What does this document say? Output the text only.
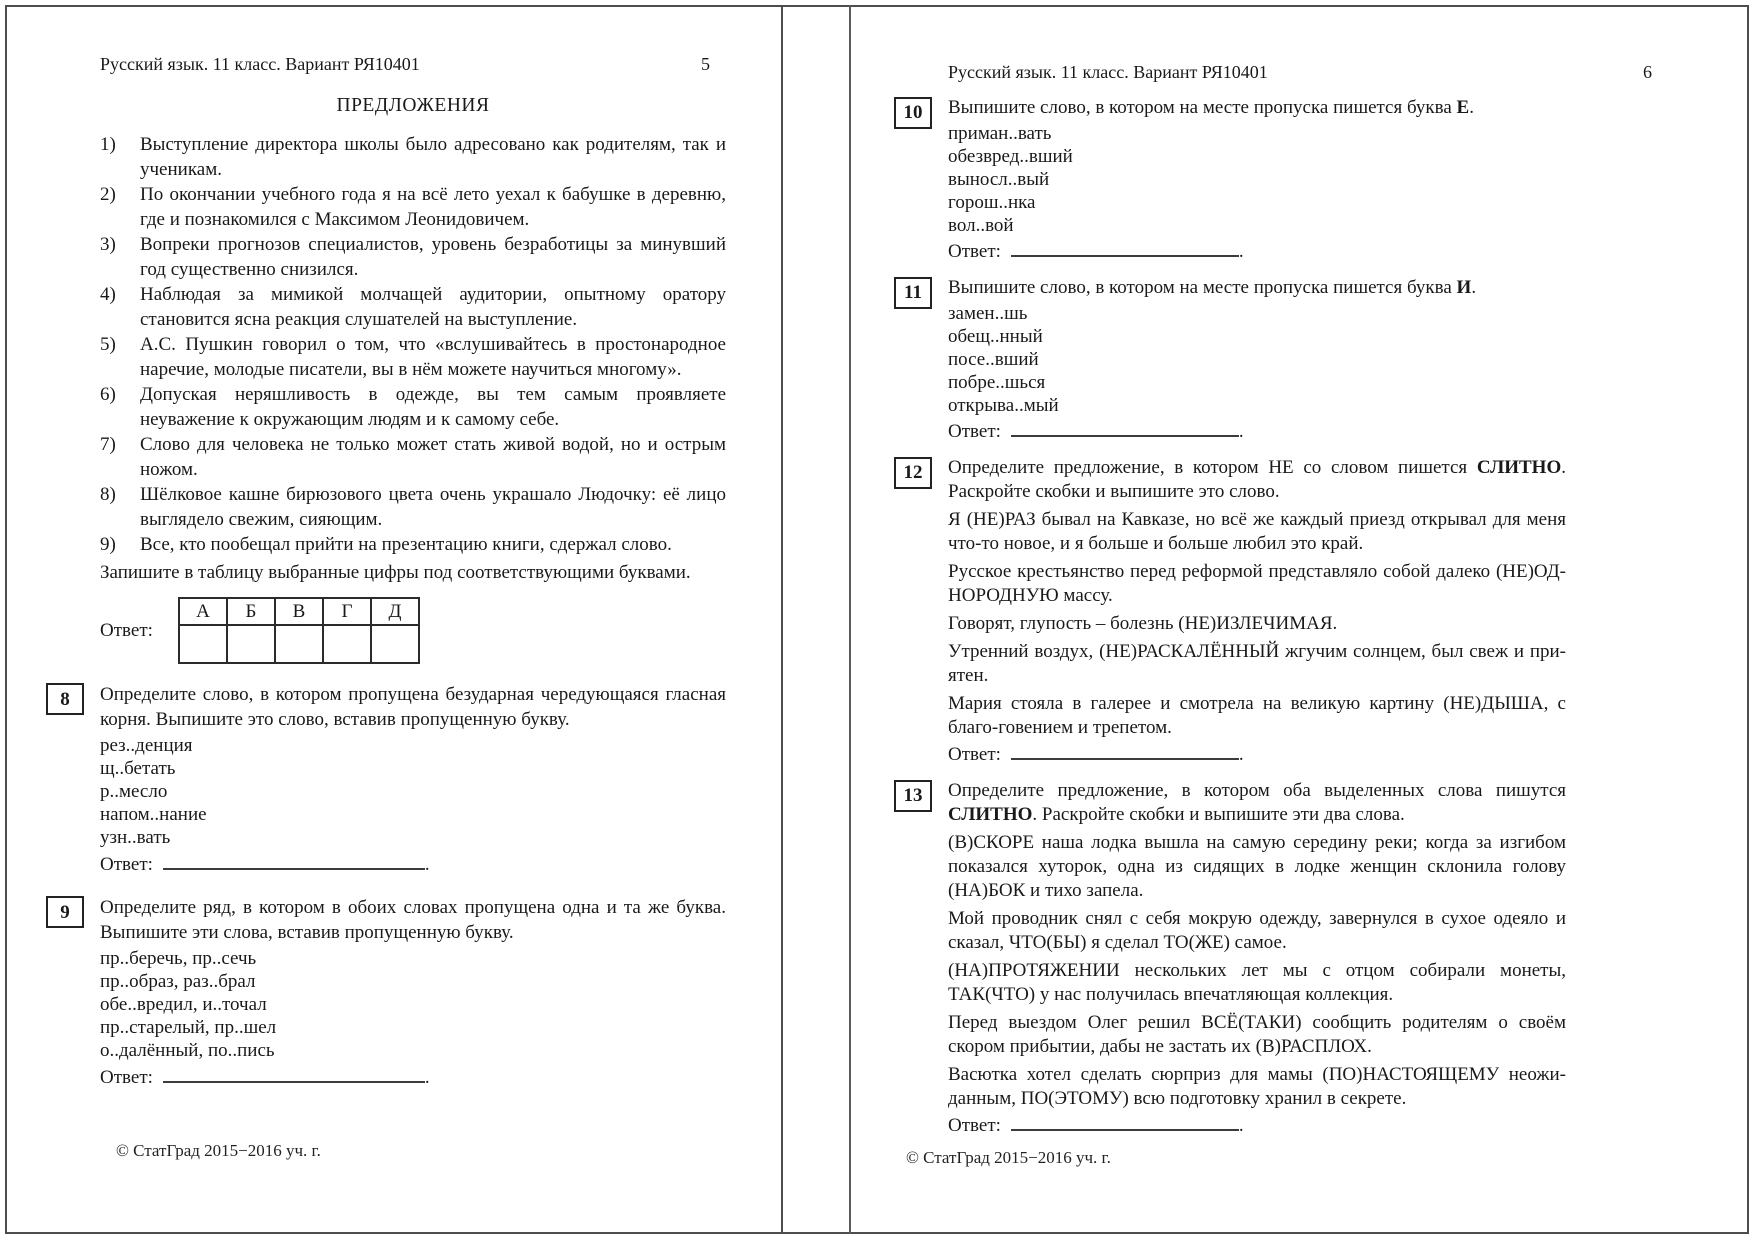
Русский язык. 11 класс. Вариант РЯ10401	5
ПРЕДЛОЖЕНИЯ
1)	Выступление директора школы было адресовано как родителям, так и ученикам.
2)	По окончании учебного года я на всё лето уехал к бабушке в деревню, где и познакомился с Максимом Леонидовичем.
3)	Вопреки прогнозов специалистов, уровень безработицы за минувший год существенно снизился.
4)	Наблюдая за мимикой молчащей аудитории, опытному оратору становится ясна реакция слушателей на выступление.
5)	А.С. Пушкин говорил о том, что «вслушивайтесь в простонародное наречие, молодые писатели, вы в нём можете научиться многому».
6)	Допуская неряшливость в одежде, вы тем самым проявляете неуважение к окружающим людям и к самому себе.
7)	Слово для человека не только может стать живой водой, но и острым ножом.
8)	Шёлковое кашне бирюзового цвета очень украшало Людочку: её лицо выглядело свежим, сияющим.
9)	Все, кто пообещал прийти на презентацию книги, сдержал слово.

Запишите в таблицу выбранные цифры под соответствующими буквами.

Ответ:
А	Б	В	Г	Д

8	Определите слово, в котором пропущена безударная чередующаяся гласная корня. Выпишите это слово, вставив пропущенную букву.
рез..денция
щ..бетать
р..месло
напом..нание
узн..вать
Ответ:	.
9	Определите ряд, в котором в обоих словах пропущена одна и та же буква. Выпишите эти слова, вставив пропущенную букву.
пр..беречь, пр..сечь
пр..образ, раз..брал
обе..вредил, и..точал
пр..старелый, пр..шел
о..далённый, по..пись
Ответ:	.
© СтатГрад 2015−2016 уч. г.
Русский язык. 11 класс. Вариант РЯ10401	6
10	Выпишите слово, в котором на месте пропуска пишется буква Е.
приман..вать
обезвред..вший
выносл..вый
горош..нка
вол..вой
Ответ:	.
11	Выпишите слово, в котором на месте пропуска пишется буква И.
замен..шь
обещ..нный
посе..вший
побре..шься
открыва..мый
Ответ:	.
12	Определите предложение, в котором НЕ со словом пишется СЛИТНО. Раскройте скобки и выпишите это слово.

Я (НЕ)РАЗ бывал на Кавказе, но всё же каждый приезд открывал для меня что-то новое, и я больше и больше любил это край.

Русское крестьянство перед реформой представляло собой далеко (НЕ)ОД-НОРОДНУЮ массу.

Говорят, глупость – болезнь (НЕ)ИЗЛЕЧИМАЯ.

Утренний воздух, (НЕ)РАСКАЛЁННЫЙ жгучим солнцем, был свеж и при-ятен.

Мария стояла в галерее и смотрела на великую картину (НЕ)ДЫША, с благо-говением и трепетом.

Ответ:	.
13	Определите предложение, в котором оба выделенных слова пишутся СЛИТНО. Раскройте скобки и выпишите эти два слова.

(В)СКОРЕ наша лодка вышла на самую середину реки; когда за изгибом показался хуторок, одна из сидящих в лодке женщин склонила голову (НА)БОК и тихо запела.

Мой проводник снял с себя мокрую одежду, завернулся в сухое одеяло и сказал, ЧТО(БЫ) я сделал ТО(ЖЕ) самое.

(НА)ПРОТЯЖЕНИИ нескольких лет мы с отцом собирали монеты, ТАК(ЧТО) у нас получилась впечатляющая коллекция.

Перед выездом Олег решил ВСЁ(ТАКИ) сообщить родителям о своём скором прибытии, дабы не застать их (В)РАСПЛОХ.

Васютка хотел сделать сюрприз для мамы (ПО)НАСТОЯЩЕМУ неожи-данным, ПО(ЭТОМУ) всю подготовку хранил в секрете.

Ответ:	.
© СтатГрад 2015−2016 уч. г.
